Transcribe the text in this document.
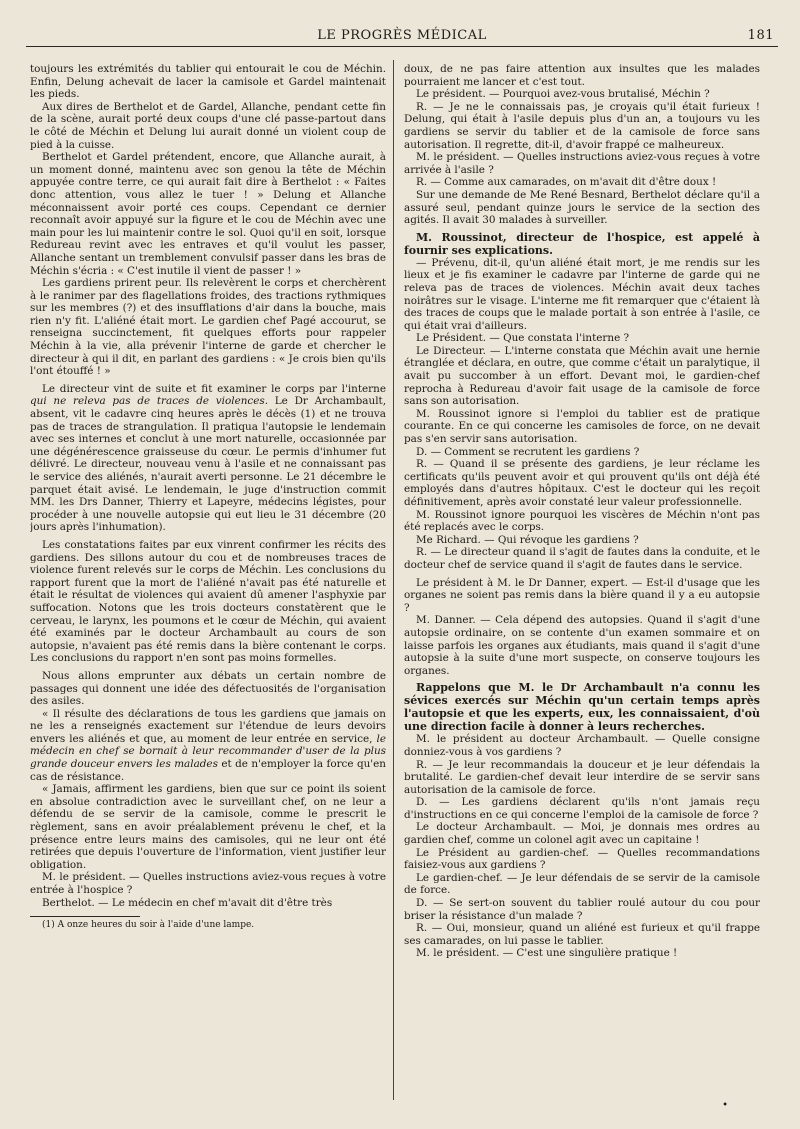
LE PROGRÈS MÉDICAL	181

toujours les extrémités du tablier qui entourait le cou de Méchin. Enfin, Delung achevait de lacer la camisole et Gardel maintenait les pieds.

Aux dires de Berthelot et de Gardel, Allanche, pendant cette fin de la scène, aurait porté deux coups d'une clé passe-partout dans le côté de Méchin et Delung lui aurait donné un violent coup de pied à la cuisse.

Berthelot et Gardel prétendent, encore, que Allanche aurait, à un moment donné, maintenu avec son genou la tête de Méchin appuyée contre terre, ce qui aurait fait dire à Berthelot : « Faites donc attention, vous allez le tuer ! » Delung et Allanche méconnaissent avoir porté ces coups. Cependant ce dernier reconnaît avoir appuyé sur la figure et le cou de Méchin avec une main pour les lui maintenir contre le sol. Quoi qu'il en soit, lorsque Redureau revint avec les entraves et qu'il voulut les passer, Allanche sentant un tremblement convulsif passer dans les bras de Méchin s'écria : « C'est inutile il vient de passer ! »

Les gardiens prirent peur. Ils relevèrent le corps et cherchèrent à le ranimer par des flagellations froides, des tractions rythmiques sur les membres (?) et des insufflations d'air dans la bouche, mais rien n'y fit. L'aliéné était mort. Le gardien chef Pagé accourut, se renseigna succinctement, fit quelques efforts pour rappeler Méchin à la vie, alla prévenir l'interne de garde et chercher le directeur à qui il dit, en parlant des gardiens : « Je crois bien qu'ils l'ont étouffé ! »

Le directeur vint de suite et fit examiner le corps par l'interne qui ne releva pas de traces de violences. Le Dr Archambault, absent, vit le cadavre cinq heures après le décès (1) et ne trouva pas de traces de strangulation. Il pratiqua l'autopsie le lendemain avec ses internes et conclut à une mort naturelle, occasionnée par une dégénérescence graisseuse du cœur. Le permis d'inhumer fut délivré. Le directeur, nouveau venu à l'asile et ne connaissant pas le service des aliénés, n'aurait averti personne. Le 21 décembre le parquet était avisé. Le lendemain, le juge d'instruction commit MM. les Drs Danner, Thierry et Lapeyre, médecins légistes, pour procéder à une nouvelle autopsie qui eut lieu le 31 décembre (20 jours après l'inhumation).

Les constatations faites par eux vinrent confirmer les récits des gardiens. Des sillons autour du cou et de nombreuses traces de violence furent relevés sur le corps de Méchin. Les conclusions du rapport furent que la mort de l'aliéné n'avait pas été naturelle et était le résultat de violences qui avaient dû amener l'asphyxie par suffocation. Notons que les trois docteurs constatèrent que le cerveau, le larynx, les poumons et le cœur de Méchin, qui avaient été examinés par le docteur Archambault au cours de son autopsie, n'avaient pas été remis dans la bière contenant le corps. Les conclusions du rapport n'en sont pas moins formelles.

Nous allons emprunter aux débats un certain nombre de passages qui donnent une idée des défectuosités de l'organisation des asiles.

« Il résulte des déclarations de tous les gardiens que jamais on ne les a renseignés exactement sur l'étendue de leurs devoirs envers les aliénés et que, au moment de leur entrée en service, le médecin en chef se bornait à leur recommander d'user de la plus grande douceur envers les malades et de n'employer la force qu'en cas de résistance.

« Jamais, affirment les gardiens, bien que sur ce point ils soient en absolue contradiction avec le surveillant chef, on ne leur a défendu de se servir de la camisole, comme le prescrit le règlement, sans en avoir préalablement prévenu le chef, et la présence entre leurs mains des camisoles, qui ne leur ont été retirées que depuis l'ouverture de l'information, vient justifier leur obligation.

M. le président. — Quelles instructions aviez-vous reçues à votre entrée à l'hospice ?

Berthelot. — Le médecin en chef m'avait dit d'être très

(1) A onze heures du soir à l'aide d'une lampe.

doux, de ne pas faire attention aux insultes que les malades pourraient me lancer et c'est tout.

Le président. — Pourquoi avez-vous brutalisé, Méchin ?

R. — Je ne le connaissais pas, je croyais qu'il était furieux ! Delung, qui était à l'asile depuis plus d'un an, a toujours vu les gardiens se servir du tablier et de la camisole de force sans autorisation. Il regrette, dit-il, d'avoir frappé ce malheureux.

M. le président. — Quelles instructions aviez-vous reçues à votre arrivée à l'asile ?

R. — Comme aux camarades, on m'avait dit d'être doux !

Sur une demande de Me René Besnard, Berthelot déclare qu'il a assuré seul, pendant quinze jours le service de la section des agités. Il avait 30 malades à surveiller.

M. Roussinot, directeur de l'hospice, est appelé à fournir ses explications.

— Prévenu, dit-il, qu'un aliéné était mort, je me rendis sur les lieux et je fis examiner le cadavre par l'interne de garde qui ne releva pas de traces de violences. Méchin avait deux taches noirâtres sur le visage. L'interne me fit remarquer que c'étaient là des traces de coups que le malade portait à son entrée à l'asile, ce qui était vrai d'ailleurs.

Le Président. — Que constata l'interne ?

Le Directeur. — L'interne constata que Méchin avait une hernie étranglée et déclara, en outre, que comme c'était un paralytique, il avait pu succomber à un effort. Devant moi, le gardien-chef reprocha à Redureau d'avoir fait usage de la camisole de force sans son autorisation.

M. Roussinot ignore si l'emploi du tablier est de pratique courante. En ce qui concerne les camisoles de force, on ne devait pas s'en servir sans autorisation.

D. — Comment se recrutent les gardiens ?

R. — Quand il se présente des gardiens, je leur réclame les certificats qu'ils peuvent avoir et qui prouvent qu'ils ont déjà été employés dans d'autres hôpitaux. C'est le docteur qui les reçoit définitivement, après avoir constaté leur valeur professionnelle.

M. Roussinot ignore pourquoi les viscères de Méchin n'ont pas été replacés avec le corps.

Me Richard. — Qui révoque les gardiens ?

R. — Le directeur quand il s'agit de fautes dans la conduite, et le docteur chef de service quand il s'agit de fautes dans le service.

Le président à M. le Dr Danner, expert. — Est-il d'usage que les organes ne soient pas remis dans la bière quand il y a eu autopsie ?

M. Danner. — Cela dépend des autopsies. Quand il s'agit d'une autopsie ordinaire, on se contente d'un examen sommaire et on laisse parfois les organes aux étudiants, mais quand il s'agit d'une autopsie à la suite d'une mort suspecte, on conserve toujours les organes.

Rappelons que M. le Dr Archambault n'a connu les sévices exercés sur Méchin qu'un certain temps après l'autopsie et que les experts, eux, les connaissaient, d'où une direction facile à donner à leurs recherches.

M. le président au docteur Archambault. — Quelle consigne donniez-vous à vos gardiens ?

R. — Je leur recommandais la douceur et je leur défendais la brutalité. Le gardien-chef devait leur interdire de se servir sans autorisation de la camisole de force.

D. — Les gardiens déclarent qu'ils n'ont jamais reçu d'instructions en ce qui concerne l'emploi de la camisole de force ?

Le docteur Archambault. — Moi, je donnais mes ordres au gardien chef, comme un colonel agit avec un capitaine !

Le Président au gardien-chef. — Quelles recommandations faisiez-vous aux gardiens ?

Le gardien-chef. — Je leur défendais de se servir de la camisole de force.

D. — Se sert-on souvent du tablier roulé autour du cou pour briser la résistance d'un malade ?

R. — Oui, monsieur, quand un aliéné est furieux et qu'il frappe ses camarades, on lui passe le tablier.

M. le président. — C'est une singulière pratique !

•
